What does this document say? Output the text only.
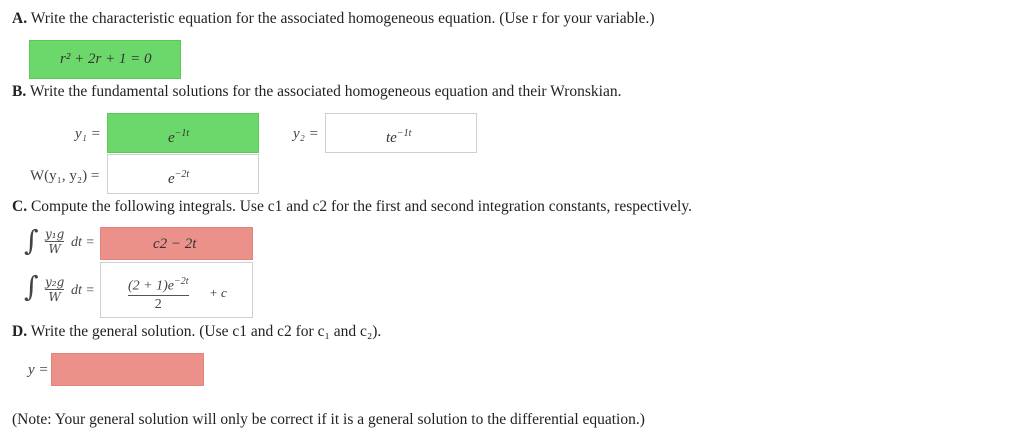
A. Write the characteristic equation for the associated homogeneous equation. (Use r for your variable.)
r² + 2r + 1 = 0
B. Write the fundamental solutions for the associated homogeneous equation and their Wronskian.
y₁ =	$e^{-1t}$	y₂ =	$te^{-1t}$
W(y₁, y₂) =	$e^{-2t}$
C. Compute the following integrals. Use c1 and c2 for the first and second integration constants, respectively.
∫ y₁g
W dt =	c2 − 2t
∫ y₂g
W dt = $(2 + 1)e^{-2t}$
2
+ c
D. Write the general solution. (Use c1 and c2 for c₁ and c₂).
y =
(Note: Your general solution will only be correct if it is a general solution to the differential equation.)
